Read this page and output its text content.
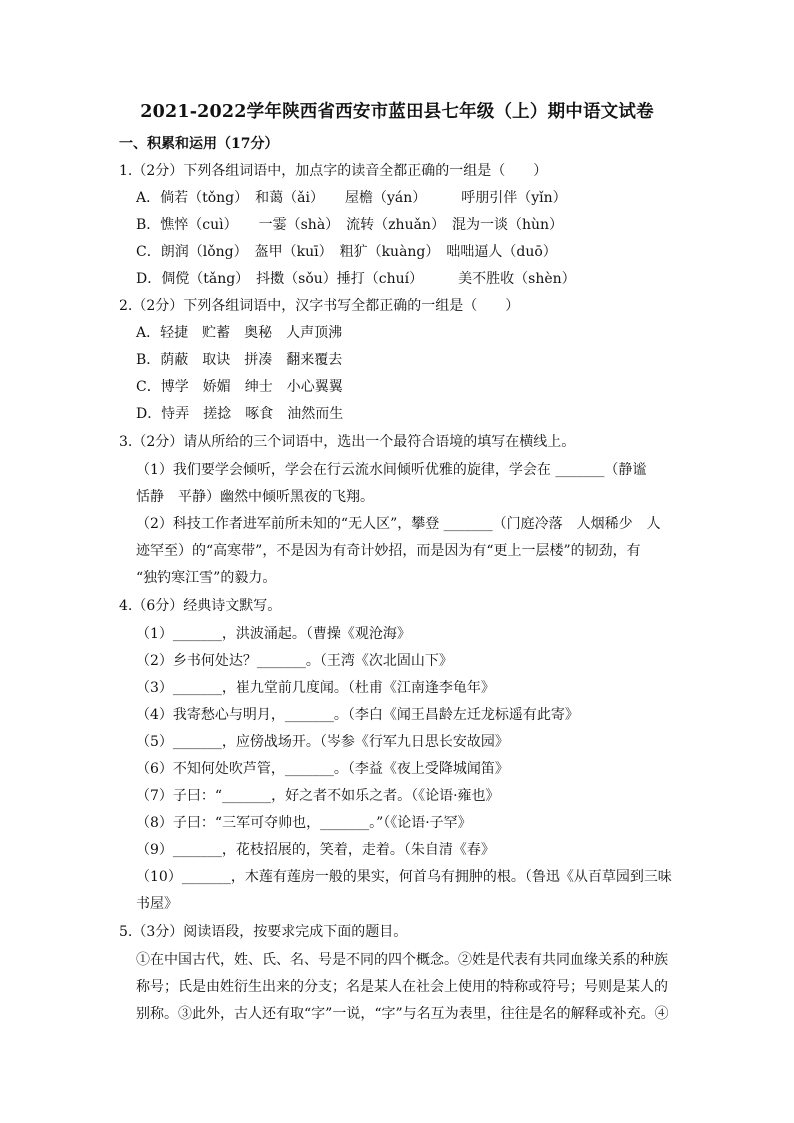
2021-2022学年陕西省西安市蓝田县七年级（上）期中语文试卷
一、积累和运用（17分）
1.（2分）下列各组词语中，加点字的读音全都正确的一组是（　　）
A．倘若（tǒng）　和蔼（ǎi）　　屋檐（yán）　　　呼朋引伴（yǐn）
B．憔悴（cuì）　　一霎（shà）　流转（zhuǎn）　混为一谈（hùn）
C．朗润（lǒng）　盔甲（kuī）　粗犷（kuàng）　咄咄逼人（duō）
D．倜傥（tǎng）　抖擞（sǒu）捶打（chuí）　　　美不胜收（shèn）
2.（2分）下列各组词语中，汉字书写全都正确的一组是（　　）
A．轻捷　贮蓄　奥秘　人声顶沸
B．荫蔽　取诀　拼凑　翻来覆去
C．博学　娇媚　绅士　小心翼翼
D．恃弄　搓捻　啄食　油然而生
3.（2分）请从所给的三个词语中，选出一个最符合语境的填写在横线上。
（1）我们要学会倾听，学会在行云流水间倾听优雅的旋律，学会在 _______（静谧
恬静　平静）幽然中倾听黑夜的飞翔。
（2）科技工作者进军前所未知的“无人区”，攀登 _______（门庭冷落　人烟稀少　人
迹罕至）的“高寒带”，不是因为有奇计妙招，而是因为有“更上一层楼”的韧劲，有
“独钓寒江雪”的毅力。
4.（6分）经典诗文默写。
（1）_______，洪波涌起。（曹操《观沧海》
（2）乡书何处达？_______。（王湾《次北固山下》
（3）_______，崔九堂前几度闻。（杜甫《江南逢李龟年》
（4）我寄愁心与明月，_______。（李白《闻王昌龄左迁龙标遥有此寄》
（5）_______，应傍战场开。（岑参《行军九日思长安故园》
（6）不知何处吹芦管，_______。（李益《夜上受降城闻笛》
（7）子曰：“_______，好之者不如乐之者。（《论语·雍也》
（8）子曰：“三军可夺帅也，_______。”（《论语·子罕》
（9）_______，花枝招展的，笑着，走着。（朱自清《春》
（10）_______，木莲有莲房一般的果实，何首乌有拥肿的根。（鲁迅《从百草园到三味
书屋》
5.（3分）阅读语段，按要求完成下面的题目。
①在中国古代，姓、氏、名、号是不同的四个概念。②姓是代表有共同血缘关系的种族
称号；氏是由姓衍生出来的分支；名是某人在社会上使用的特称或符号；号则是某人的
别称。③此外，古人还有取“字”一说，“字”与名互为表里，往往是名的解释或补充。④
